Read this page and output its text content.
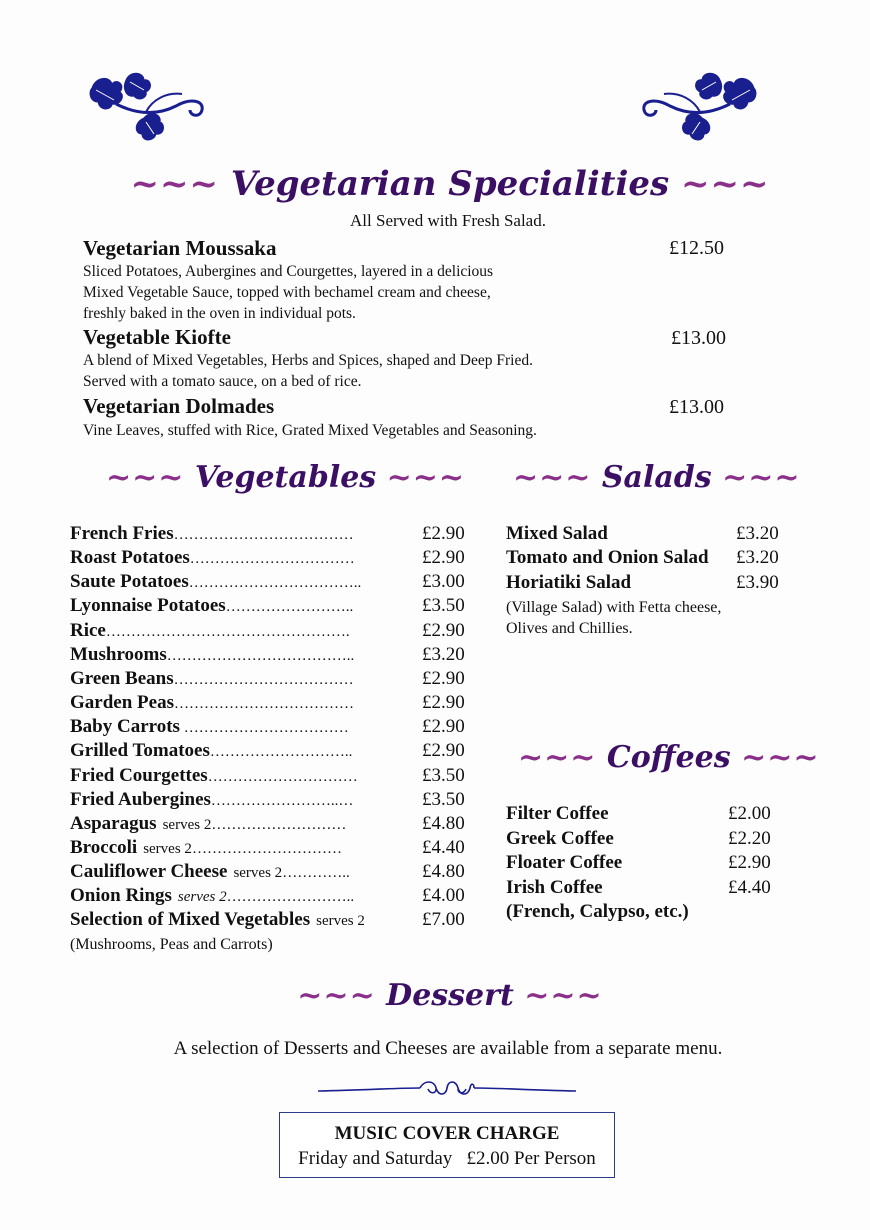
~~~ Vegetarian Specialities ~~~
All Served with Fresh Salad.
Vegetarian Moussaka	£12.50
Sliced Potatoes, Aubergines and Courgettes, layered in a delicious
Mixed Vegetable Sauce, topped with bechamel cream and cheese,
freshly baked in the oven in individual pots.
Vegetable Kiofte	£13.00
A blend of Mixed Vegetables, Herbs and Spices, shaped and Deep Fried.
Served with a tomato sauce, on a bed of rice.
Vegetarian Dolmades	£13.00
Vine Leaves, stuffed with Rice, Grated Mixed Vegetables and Seasoning.
~~~ Vegetables ~~~ ~~~ Salads ~~~
French Fries………………………………	£2.90
Roast Potatoes……………………………	£2.90
Saute Potatoes……………………………..	£3.00
Lyonnaise Potatoes……………………..	£3.50
Rice………………………………………….	£2.90
Mushrooms………………………………..	£3.20
Green Beans………………………………	£2.90
Garden Peas………………………………	£2.90
Baby Carrots ……………………………	£2.90
Grilled Tomatoes………………………..	£2.90
Fried Courgettes…………………………	£3.50
Fried Aubergines……………………..…	£3.50
Asparagus serves 2………………………	£4.80
Broccoli serves 2…………………………	£4.40
Cauliflower Cheese serves 2…………..	£4.80
Onion Rings serves 2……………………..	£4.00
Selection of Mixed Vegetables serves 2	£7.00
(Mushrooms, Peas and Carrots)
Mixed Salad	£3.20
Tomato and Onion Salad £3.20
Horiatiki Salad	£3.90
(Village Salad) with Fetta cheese,
Olives and Chillies.
~~~ Coffees ~~~
Filter Coffee	£2.00
Greek Coffee	£2.20
Floater Coffee	£2.90
Irish Coffee	£4.40
(French, Calypso, etc.)
~~~ Dessert ~~~
A selection of Desserts and Cheeses are available from a separate menu.
MUSIC COVER CHARGE
Friday and Saturday   £2.00 Per Person
